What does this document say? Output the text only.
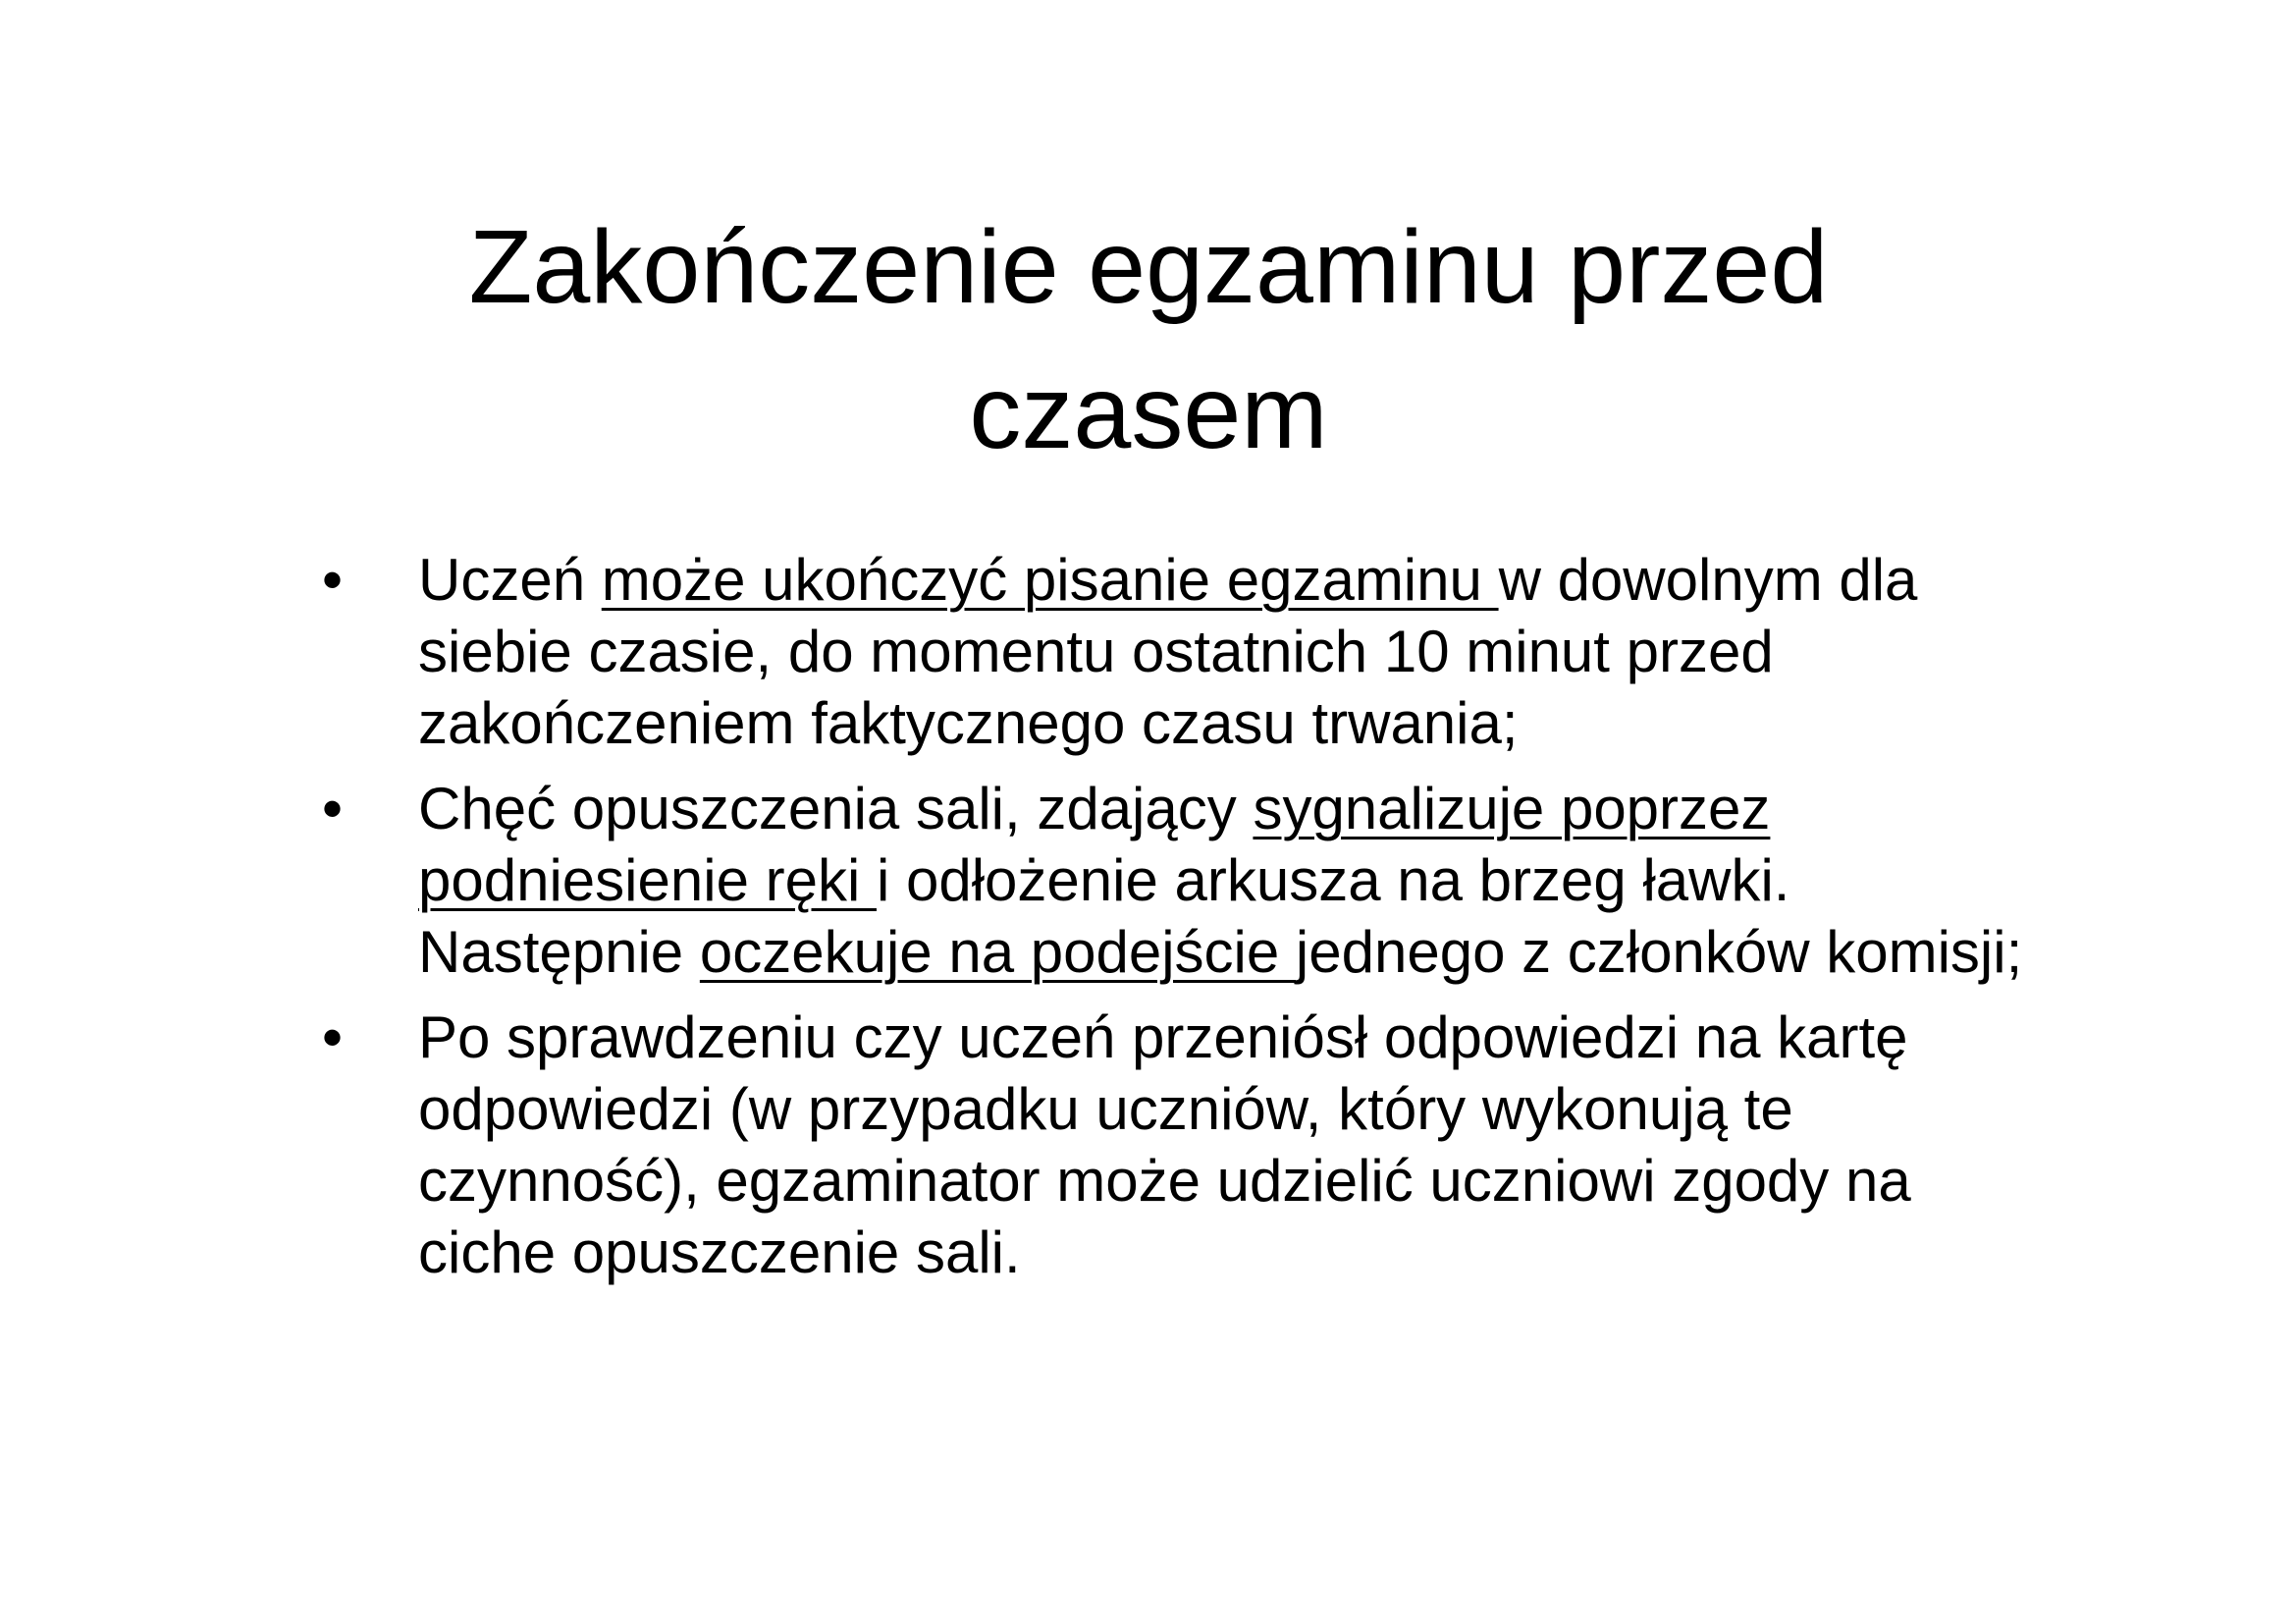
Zakończenie egzaminu przed
czasem
• Uczeń może ukończyć pisanie egzaminu w dowolnym dla siebie czasie, do momentu ostatnich 10 minut przed zakończeniem faktycznego czasu trwania;
• Chęć opuszczenia sali, zdający sygnalizuje poprzez podniesienie ręki i odłożenie arkusza na brzeg ławki. Następnie oczekuje na podejście jednego z członków komisji;
• Po sprawdzeniu czy uczeń przeniósł odpowiedzi na kartę odpowiedzi (w przypadku uczniów, który wykonują te czynność), egzaminator może udzielić uczniowi zgody na ciche opuszczenie sali.
